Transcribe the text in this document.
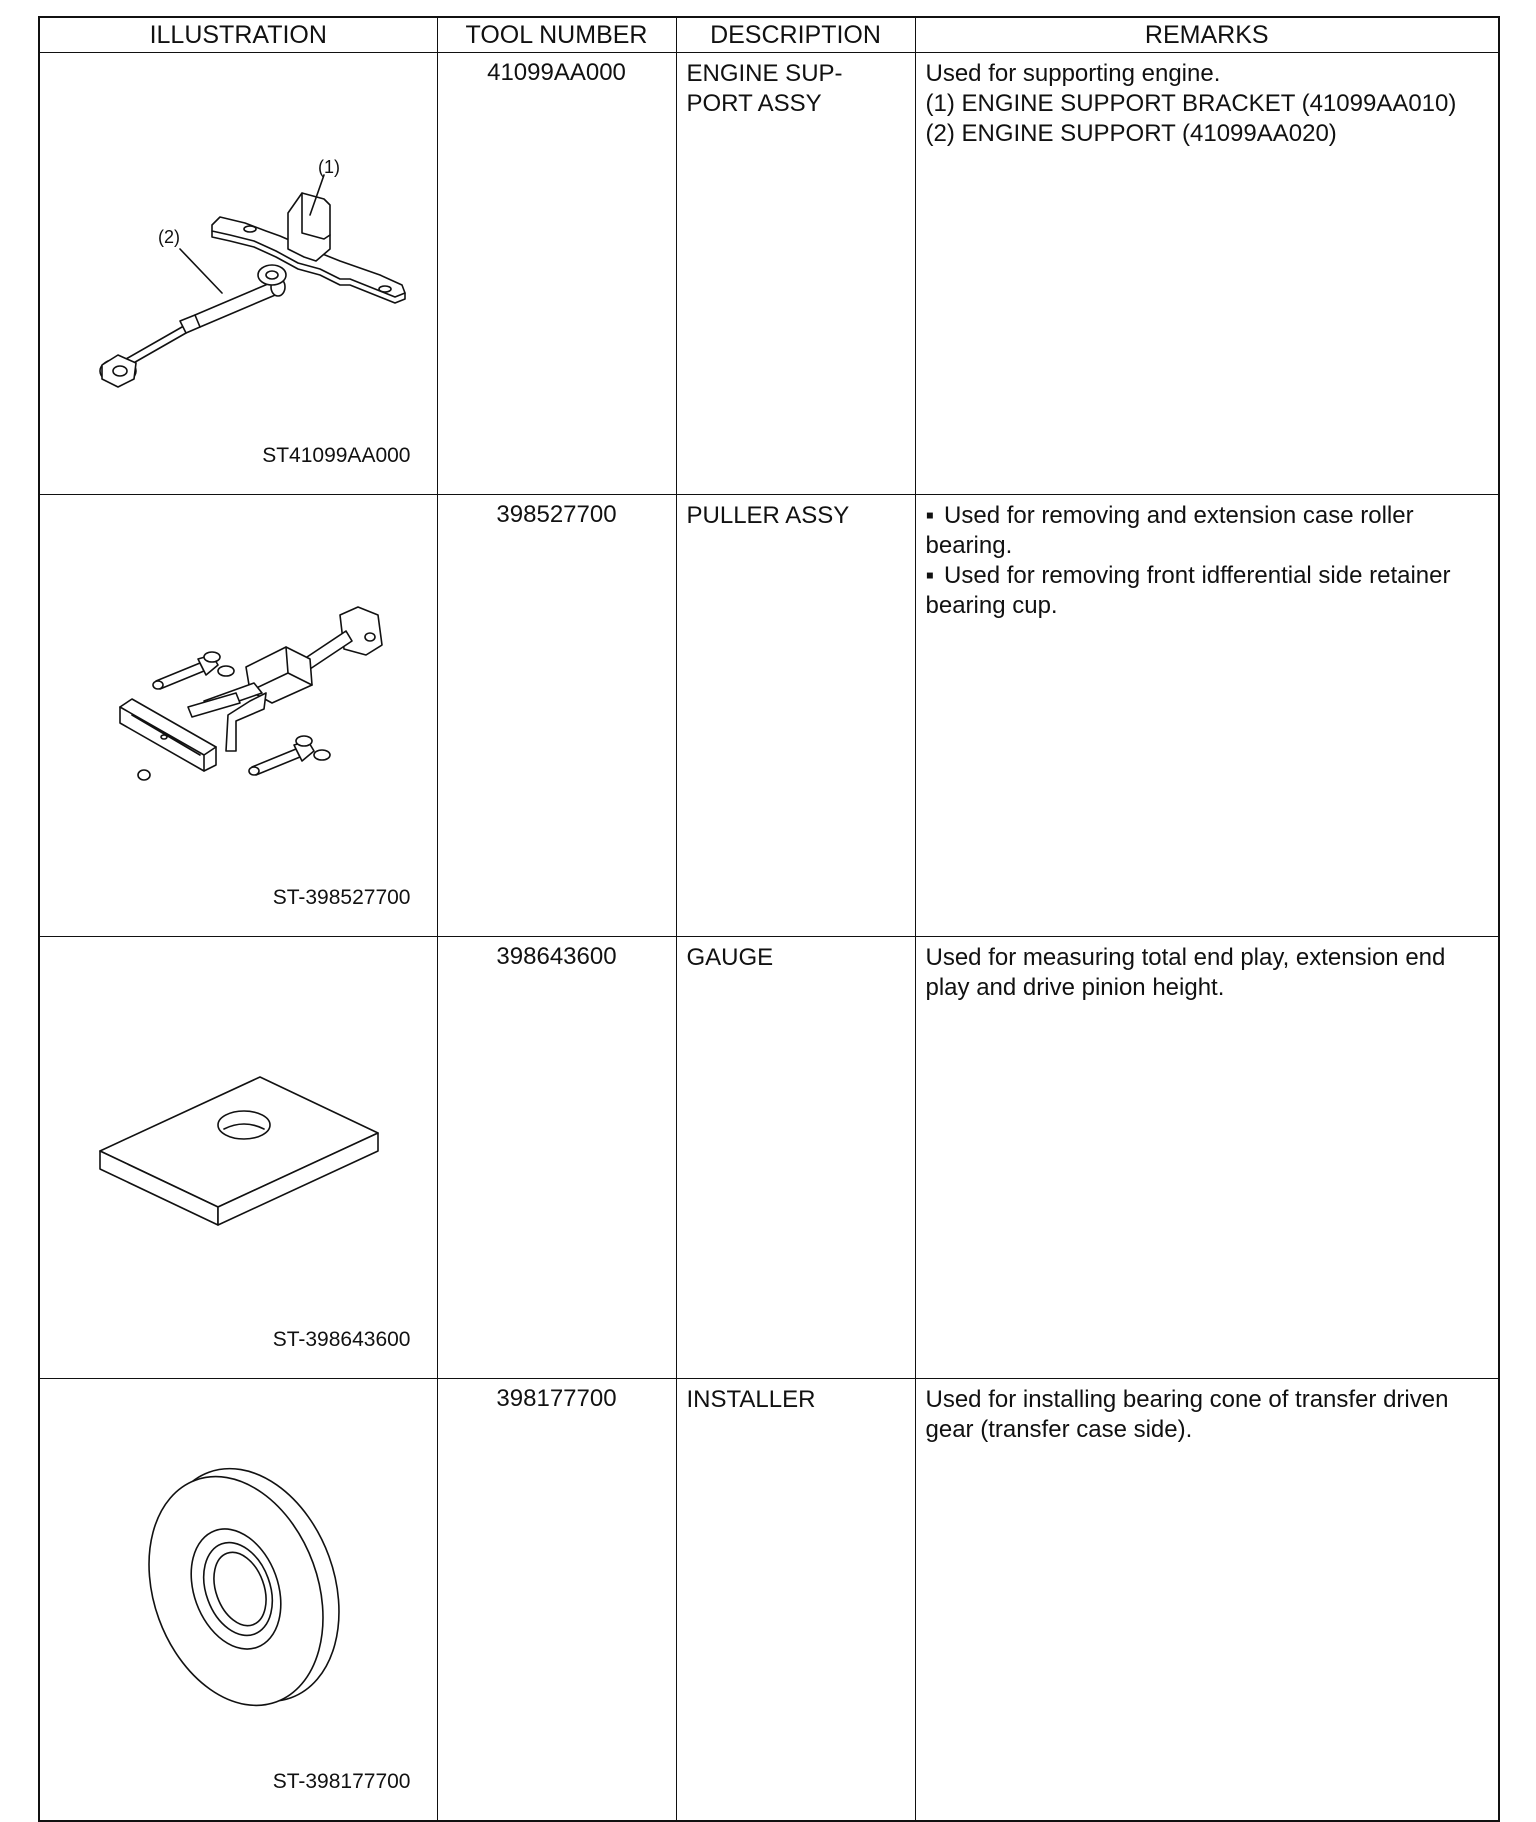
ILLUSTRATION	TOOL NUMBER	DESCRIPTION	REMARKS

(1)
(2)
ST41099AA000	41099AA000	ENGINE SUP- PORT ASSY	Used for supporting engine.
(1) ENGINE SUPPORT BRACKET (41099AA010)
(2) ENGINE SUPPORT (41099AA020)

ST-398527700	398527700	PULLER ASSY	▪ Used for removing and extension case roller bearing.
▪ Used for removing front idfferential side retainer bearing cup.

ST-398643600	398643600	GAUGE	Used for measuring total end play, extension end play and drive pinion height.

ST-398177700	398177700	INSTALLER	Used for installing bearing cone of transfer driven gear (transfer case side).
